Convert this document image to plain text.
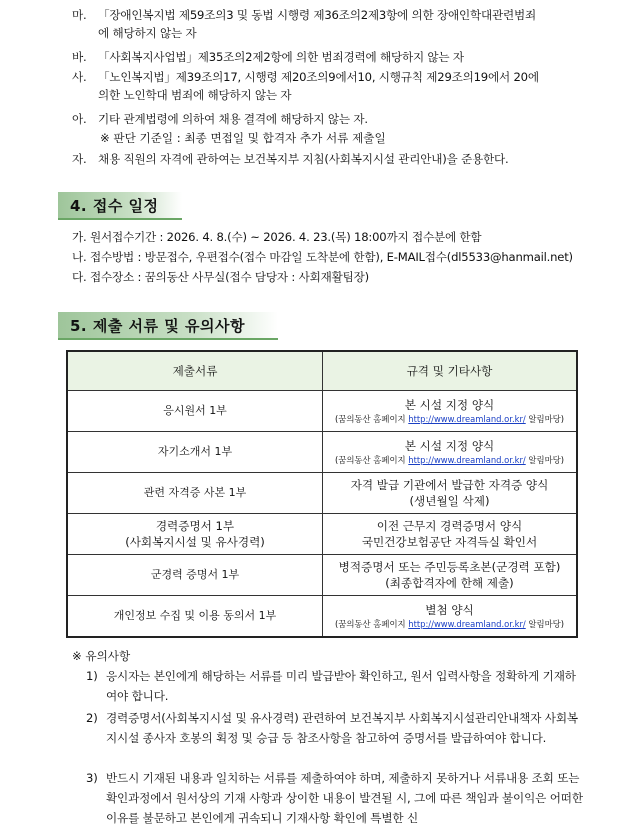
마. 「장애인복지법 제59조의3 및 동법 시행령 제36조의2제3항에 의한 장애인학대관련범죄
에 해당하지 않는 자
바. 「사회복지사업법」제35조의2제2항에 의한 범죄경력에 해당하지 않는 자
사. 「노인복지법」제39조의17, 시행령 제20조의9에서10, 시행규칙 제29조의19에서 20에
의한 노인학대 범죄에 해당하지 않는 자
아. 기타 관계법령에 의하여 채용 결격에 해당하지 않는 자.
※ 판단 기준일 : 최종 면접일 및 합격자 추가 서류 제출일
자. 채용 직원의 자격에 관하여는 보건복지부 지침(사회복지시설 관리안내)을 준용한다.
4. 접수 일정
가. 원서접수기간 : 2026. 4. 8.(수) ~ 2026. 4. 23.(목) 18:00까지 접수분에 한함
나. 접수방법 : 방문접수, 우편접수(접수 마감일 도착분에 한함), E-MAIL접수(dl5533@hanmail.net)
다. 접수장소 : 꿈의동산 사무실(접수 담당자 : 사회재활팀장)
5. 제출 서류 및 유의사항
제출서류	규격 및 기타사항
응시원서 1부	본 시설 지정 양식
(꿈의동산 홈페이지 http://www.dreamland.or.kr/ 알림마당)

자기소개서 1부	본 시설 지정 양식
(꿈의동산 홈페이지 http://www.dreamland.or.kr/ 알림마당)

관련 자격증 사본 1부	자격 발급 기관에서 발급한 자격증 양식
(생년월일 삭제)

경력증명서 1부
(사회복지시설 및 유사경력)	이전 근무지 경력증명서 양식
국민건강보험공단 자격득실 확인서

군경력 증명서 1부	병적증명서 또는 주민등록초본(군경력 포함)
(최종합격자에 한해 제출)

개인정보 수집 및 이용 동의서 1부	별첨 양식
(꿈의동산 홈페이지 http://www.dreamland.or.kr/ 알림마당)
※ 유의사항
1) 응시자는 본인에게 해당하는 서류를 미리 발급받아 확인하고, 원서 입력사항을 정확하게 기재하여야 합니다.
2) 경력증명서(사회복지시설 및 유사경력) 관련하여 보건복지부 사회복지시설관리안내책자 사회복지시설 종사자 호봉의 획정 및 승급 등 참조사항을 참고하여 증명서를 발급하여야 합니다.
3) 반드시 기재된 내용과 일치하는 서류를 제출하여야 하며, 제출하지 못하거나 서류내용 조회 또는 확인과정에서 원서상의 기재 사항과 상이한 내용이 발견될 시, 그에 따른 책임과 불이익은 어떠한 이유를 불문하고 본인에게 귀속되니 기재사항 확인에 특별한 신
